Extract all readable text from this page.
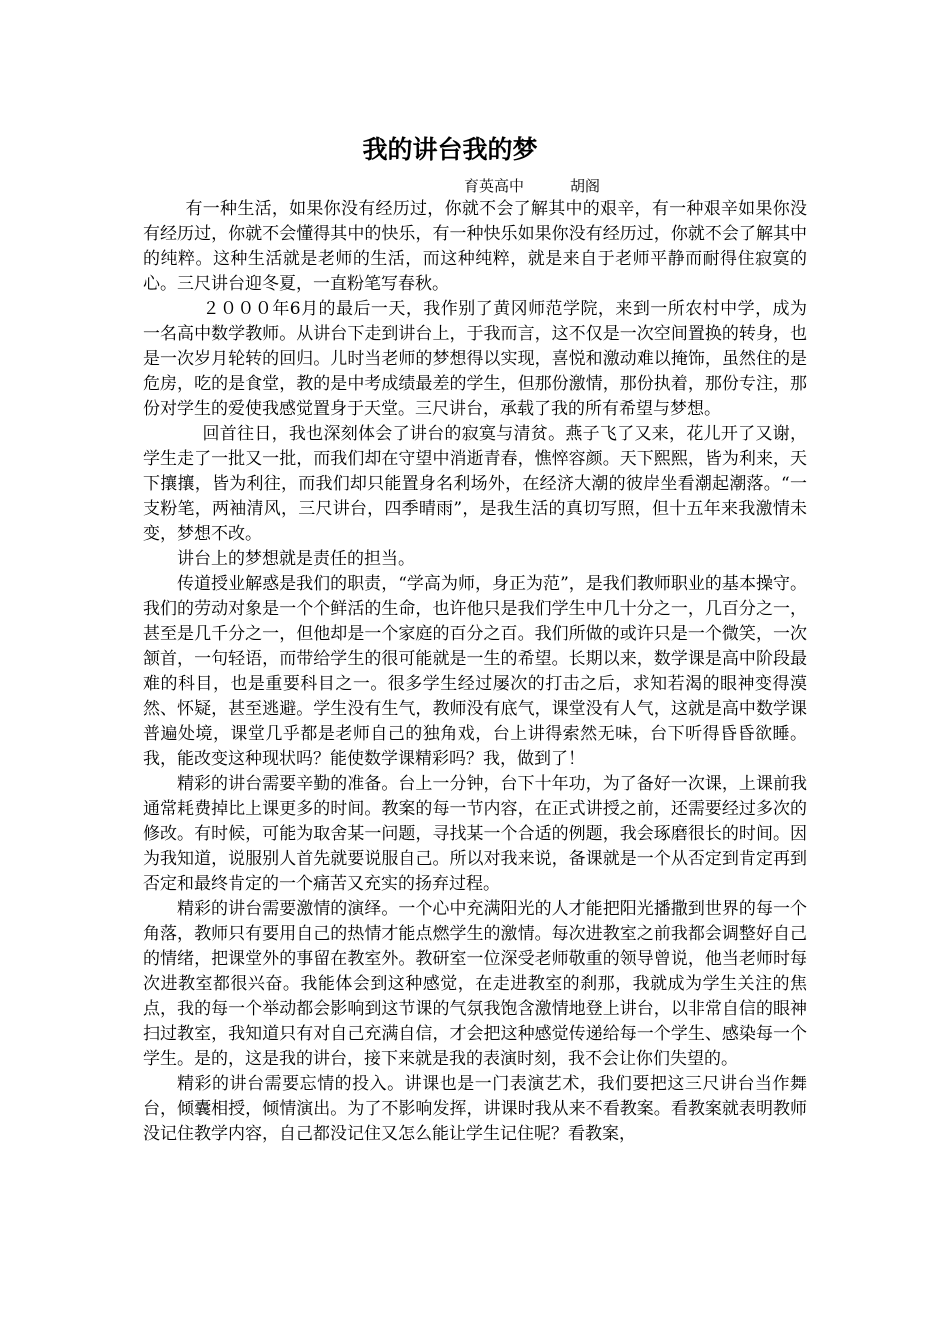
我的讲台我的梦
育英高中	胡阁

有一种生活，如果你没有经历过，你就不会了解其中的艰辛，有一种艰辛如果你没有经历过，你就不会懂得其中的快乐，有一种快乐如果你没有经历过，你就不会了解其中的纯粹。这种生活就是老师的生活，而这种纯粹，就是来自于老师平静而耐得住寂寞的心。三尺讲台迎冬夏，一直粉笔写春秋。

２０００年6月的最后一天，我作别了黄冈师范学院，来到一所农村中学，成为一名高中数学教师。从讲台下走到讲台上，于我而言，这不仅是一次空间置换的转身，也是一次岁月轮转的回归。儿时当老师的梦想得以实现，喜悦和激动难以掩饰，虽然住的是危房，吃的是食堂，教的是中考成绩最差的学生，但那份激情，那份执着，那份专注，那份对学生的爱使我感觉置身于天堂。三尺讲台，承载了我的所有希望与梦想。

回首往日，我也深刻体会了讲台的寂寞与清贫。燕子飞了又来，花儿开了又谢，学生走了一批又一批，而我们却在守望中消逝青春，憔悴容颜。天下熙熙，皆为利来，天下攘攘，皆为利往，而我们却只能置身名利场外，在经济大潮的彼岸坐看潮起潮落。“一支粉笔，两袖清风，三尺讲台，四季晴雨”，是我生活的真切写照，但十五年来我激情未变，梦想不改。

讲台上的梦想就是责任的担当。

传道授业解惑是我们的职责，“学高为师，身正为范”，是我们教师职业的基本操守。我们的劳动对象是一个个鲜活的生命，也许他只是我们学生中几十分之一，几百分之一，甚至是几千分之一，但他却是一个家庭的百分之百。我们所做的或许只是一个微笑，一次颔首，一句轻语，而带给学生的很可能就是一生的希望。长期以来，数学课是高中阶段最难的科目，也是重要科目之一。很多学生经过屡次的打击之后，求知若渴的眼神变得漠然、怀疑，甚至逃避。学生没有生气，教师没有底气，课堂没有人气，这就是高中数学课普遍处境，课堂几乎都是老师自己的独角戏，台上讲得索然无味，台下听得昏昏欲睡。我，能改变这种现状吗？能使数学课精彩吗？我，做到了！

精彩的讲台需要辛勤的准备。台上一分钟，台下十年功，为了备好一次课，上课前我通常耗费掉比上课更多的时间。教案的每一节内容，在正式讲授之前，还需要经过多次的修改。有时候，可能为取舍某一问题，寻找某一个合适的例题，我会琢磨很长的时间。因为我知道，说服别人首先就要说服自己。所以对我来说，备课就是一个从否定到肯定再到否定和最终肯定的一个痛苦又充实的扬弃过程。

精彩的讲台需要激情的演绎。一个心中充满阳光的人才能把阳光播撒到世界的每一个角落，教师只有要用自己的热情才能点燃学生的激情。每次进教室之前我都会调整好自己的情绪，把课堂外的事留在教室外。教研室一位深受老师敬重的领导曾说，他当老师时每次进教室都很兴奋。我能体会到这种感觉，在走进教室的刹那，我就成为学生关注的焦点，我的每一个举动都会影响到这节课的气氛我饱含激情地登上讲台，以非常自信的眼神扫过教室，我知道只有对自己充满自信，才会把这种感觉传递给每一个学生、感染每一个学生。是的，这是我的讲台，接下来就是我的表演时刻，我不会让你们失望的。

精彩的讲台需要忘情的投入。讲课也是一门表演艺术，我们要把这三尺讲台当作舞台，倾囊相授，倾情演出。为了不影响发挥，讲课时我从来不看教案。看教案就表明教师没记住教学内容，自己都没记住又怎么能让学生记住呢？看教案，
